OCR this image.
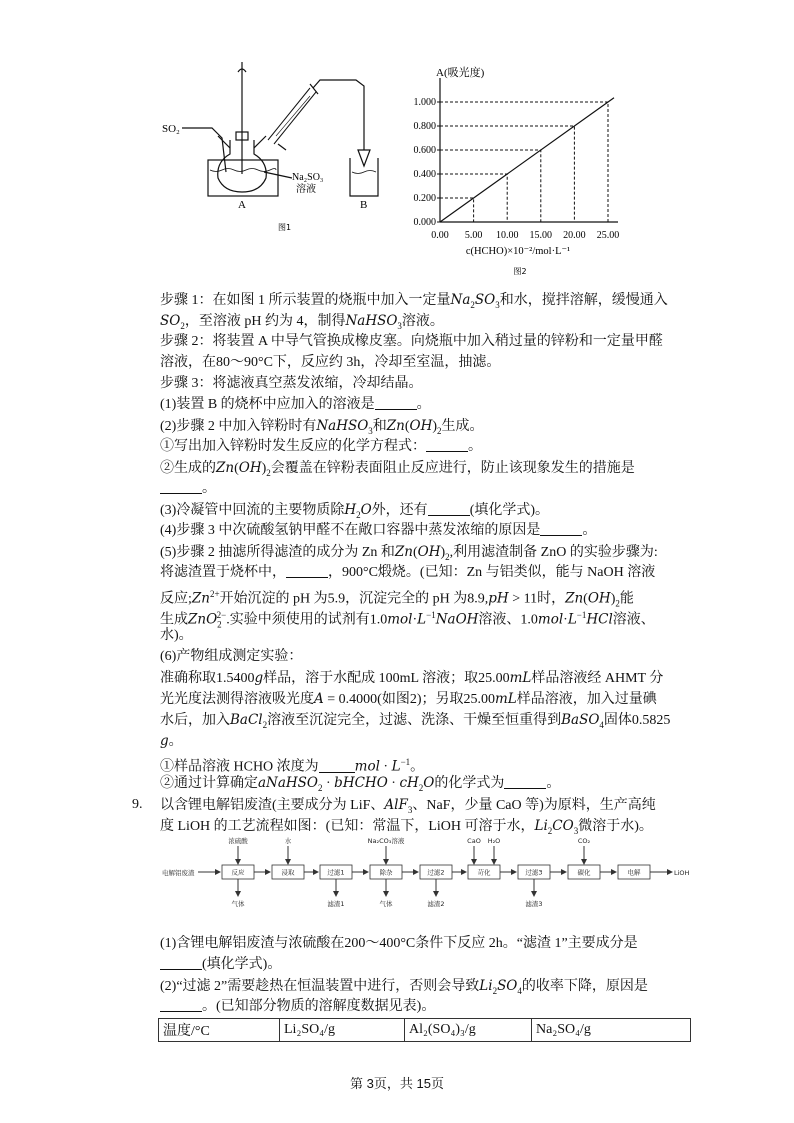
SO₂
Na₂SO₃
溶液
A	B
图1
A(吸光度)
1.000
0.800
0.600
0.400
0.200
0.000
0.00 5.00 10.00 15.00 20.00 25.00
c(HCHO)×10⁻²/mol·L⁻¹
图2
步骤 1：在如图 1 所示装置的烧瓶中加入一定量$Na_2SO_3$和水，搅拌溶解，缓慢通入
$SO_2$，至溶液 pH 约为 4，制得NaHSO$_3$溶液。
步骤 2：将装置 A 中导气管换成橡皮塞。向烧瓶中加入稍过量的锌粉和一定量甲醛
溶液，在80～90°C下，反应约 3h，冷却至室温，抽滤。
步骤 3：将滤液真空蒸发浓缩，冷却结晶。
(1)装置 B 的烧杯中应加入的溶液是	。
(2)步骤 2 中加入锌粉时有NaHSO$_3$和$Zn(OH)_2$生成。
①写出加入锌粉时发生反应的化学方程式：	。
②生成的$Zn(OH)_2$会覆盖在锌粉表面阻止反应进行，防止该现象发生的措施是
。
(3)冷凝管中回流的主要物质除$H_2O$外，还有	(填化学式)。
(4)步骤 3 中次硫酸氢钠甲醛不在敞口容器中蒸发浓缩的原因是	。
(5)步骤 2 抽滤所得滤渣的成分为 Zn 和$Zn(OH)_2$,利用滤渣制备 ZnO 的实验步骤为:
将滤渣置于烧杯中，	，900°C煅烧。(已知：Zn 与铝类似，能与 NaOH 溶液
反应$;Zn^{2+}$开始沉淀的 pH 为5.9，沉淀完全的 pH 为8.9,pH > 11时，$Zn(OH)_2$能
生成ZnO$_2^{2-}$.实验中须使用的试剂有$1.0mol\cdot L^{-1}NaOH$溶液、$1.0mol\cdot L^{-1}HCl$溶液、
水)。
(6)产物组成测定实验：
准确称取1.5400g样品，溶于水配成 100mL 溶液；取25.00mL样品溶液经 AHMT 分
光光度法测得溶液吸光度A = 0.4000(如图2)；另取25.00mL样品溶液，加入过量碘
水后，加入BaCl$_2$溶液至沉淀完全，过滤、洗涤、干燥至恒重得到BaSO$_4$固体0.5825
g。
①样品溶液 HCHO 浓度为	mol · $L^{-1}$。
②通过计算确定aNaHSO$_2$ · bHCHO · $cH_2O$的化学式为	。
9. 以含锂电解铝废渣(主要成分为 LiF、AlF$_3$、NaF，少量 CaO 等)为原料，生产高纯
度 LiOH 的工艺流程如图：(已知：常温下，LiOH 可溶于水，$Li_2CO_3$微溶于水)。
电解铝废渣	反应	浸取	过滤1	除杂	过滤2	苛化	过滤3	碳化	电解	LiOH
浓硫酸	水	Na₂CO₃溶液	CaO H₂O	CO₂
气体	滤渣1	气体	滤渣2	滤渣3
(1)含锂电解铝废渣与浓硫酸在200～400°C条件下反应 2h。“滤渣 1”主要成分是
(填化学式)。
(2)“过滤 2”需要趁热在恒温装置中进行，否则会导致$Li_2SO_4$的收率下降，原因是
。(已知部分物质的溶解度数据见表)。
温度/°C	Li₂SO₄/g	Al₂(SO₄)₃/g	Na₂SO₄/g
第 3页，共 15页
